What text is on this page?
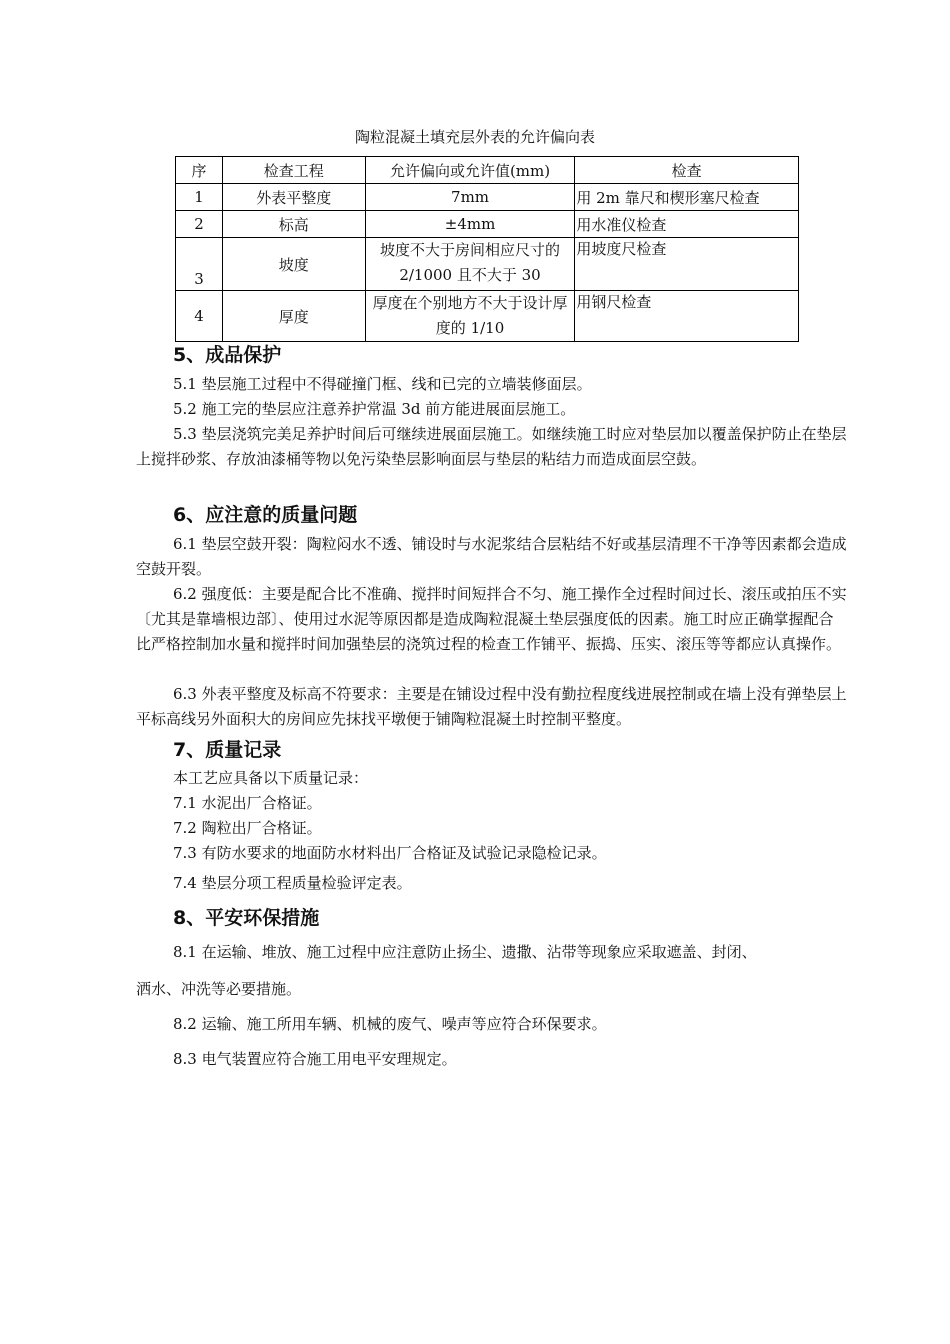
陶粒混凝土填充层外表的允许偏向表
序	检查工程	允许偏向或允许值(mm)	检查
1	外表平整度	7mm	用 2m 靠尺和楔形塞尺检查
2	标高	±4mm	用水准仪检查
3	坡度	坡度不大于房间相应尺寸的 2/1000 且不大于 30	用坡度尺检查
4	厚度	厚度在个别地方不大于设计厚度的 1/10	用钢尺检查
5、成品保护

5.1 垫层施工过程中不得碰撞门框、线和已完的立墙装修面层。

5.2 施工完的垫层应注意养护常温 3d 前方能进展面层施工。

5.3 垫层浇筑完美足养护时间后可继续进展面层施工。如继续施工时应对垫层加以覆盖保护防止在垫层上搅拌砂浆、存放油漆桶等物以免污染垫层影响面层与垫层的粘结力而造成面层空鼓。

6、应注意的质量问题

6.1 垫层空鼓开裂：陶粒闷水不透、铺设时与水泥浆结合层粘结不好或基层清理不干净等因素都会造成空鼓开裂。

6.2 强度低：主要是配合比不准确、搅拌时间短拌合不匀、施工操作全过程时间过长、滚压或拍压不实〔尤其是靠墙根边部〕、使用过水泥等原因都是造成陶粒混凝土垫层强度低的因素。施工时应正确掌握配合比严格控制加水量和搅拌时间加强垫层的浇筑过程的检查工作铺平、振捣、压实、滚压等等都应认真操作。

6.3 外表平整度及标高不符要求：主要是在铺设过程中没有勤拉程度线进展控制或在墙上没有弹垫层上平标高线另外面积大的房间应先抹找平墩便于铺陶粒混凝土时控制平整度。

7、质量记录
本工艺应具备以下质量记录：
7.1 水泥出厂合格证。
7.2 陶粒出厂合格证。
7.3 有防水要求的地面防水材料出厂合格证及试验记录隐检记录。
7.4 垫层分项工程质量检验评定表。
8、平安环保措施
8.1 在运输、堆放、施工过程中应注意防止扬尘、遗撒、沾带等现象应采取遮盖、封闭、
洒水、冲洗等必要措施。
8.2 运输、施工所用车辆、机械的废气、噪声等应符合环保要求。
8.3 电气装置应符合施工用电平安理规定。
